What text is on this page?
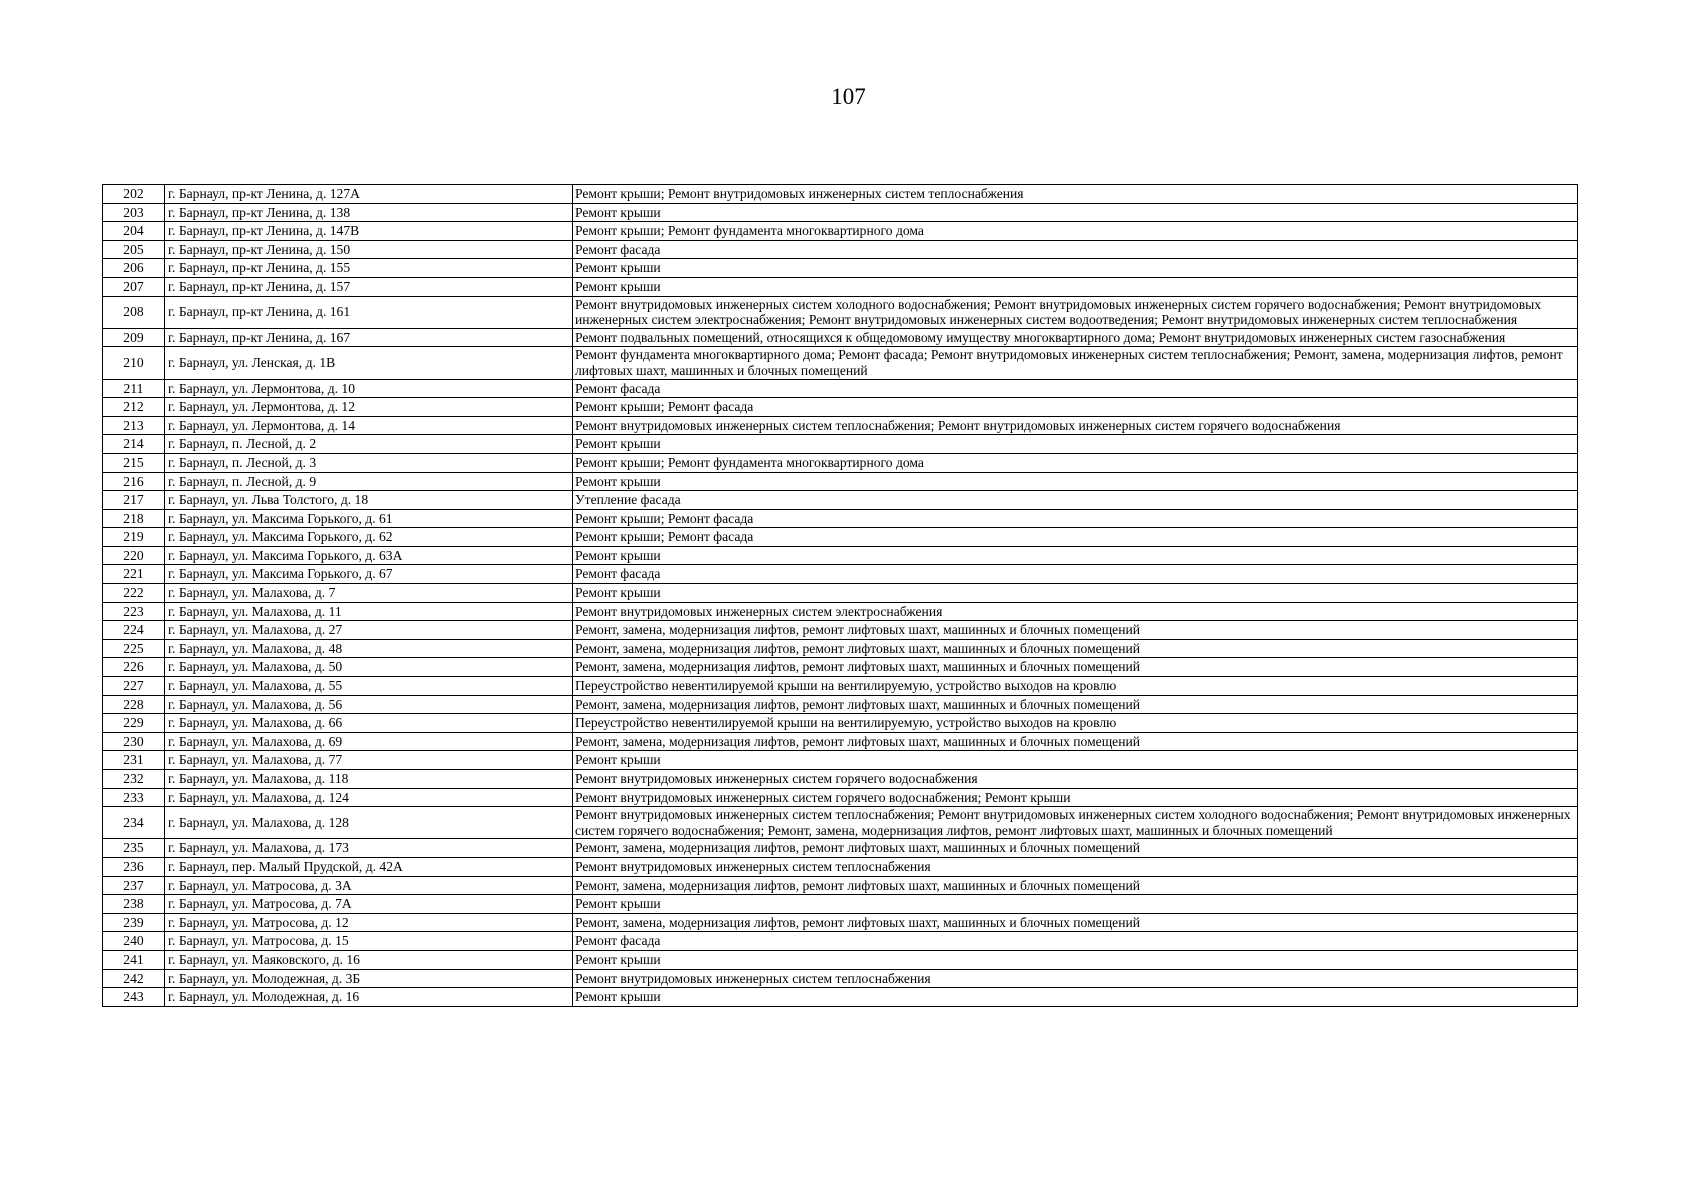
107
202	г. Барнаул, пр-кт Ленина, д. 127А	Ремонт крыши; Ремонт внутридомовых инженерных систем теплоснабжения
203	г. Барнаул, пр-кт Ленина, д. 138	Ремонт крыши
204	г. Барнаул, пр-кт Ленина, д. 147В	Ремонт крыши; Ремонт фундамента многоквартирного дома
205	г. Барнаул, пр-кт Ленина, д. 150	Ремонт фасада
206	г. Барнаул, пр-кт Ленина, д. 155	Ремонт крыши
207	г. Барнаул, пр-кт Ленина, д. 157	Ремонт крыши
208	г. Барнаул, пр-кт Ленина, д. 161	Ремонт внутридомовых инженерных систем холодного водоснабжения; Ремонт внутридомовых инженерных систем горячего водоснабжения; Ремонт внутридомовых инженерных систем электроснабжения; Ремонт внутридомовых инженерных систем водоотведения; Ремонт внутридомовых инженерных систем теплоснабжения
209	г. Барнаул, пр-кт Ленина, д. 167	Ремонт подвальных помещений, относящихся к общедомовому имуществу многоквартирного дома; Ремонт внутридомовых инженерных систем газоснабжения
210	г. Барнаул, ул. Ленская, д. 1В	Ремонт фундамента многоквартирного дома; Ремонт фасада; Ремонт внутридомовых инженерных систем теплоснабжения; Ремонт, замена, модернизация лифтов, ремонт лифтовых шахт, машинных и блочных помещений
211	г. Барнаул, ул. Лермонтова, д. 10	Ремонт фасада
212	г. Барнаул, ул. Лермонтова, д. 12	Ремонт крыши; Ремонт фасада
213	г. Барнаул, ул. Лермонтова, д. 14	Ремонт внутридомовых инженерных систем теплоснабжения; Ремонт внутридомовых инженерных систем горячего водоснабжения
214	г. Барнаул, п. Лесной, д. 2	Ремонт крыши
215	г. Барнаул, п. Лесной, д. 3	Ремонт крыши; Ремонт фундамента многоквартирного дома
216	г. Барнаул, п. Лесной, д. 9	Ремонт крыши
217	г. Барнаул, ул. Льва Толстого, д. 18	Утепление фасада
218	г. Барнаул, ул. Максима Горького, д. 61	Ремонт крыши; Ремонт фасада
219	г. Барнаул, ул. Максима Горького, д. 62	Ремонт крыши; Ремонт фасада
220	г. Барнаул, ул. Максима Горького, д. 63А	Ремонт крыши
221	г. Барнаул, ул. Максима Горького, д. 67	Ремонт фасада
222	г. Барнаул, ул. Малахова, д. 7	Ремонт крыши
223	г. Барнаул, ул. Малахова, д. 11	Ремонт внутридомовых инженерных систем электроснабжения
224	г. Барнаул, ул. Малахова, д. 27	Ремонт, замена, модернизация лифтов, ремонт лифтовых шахт, машинных и блочных помещений
225	г. Барнаул, ул. Малахова, д. 48	Ремонт, замена, модернизация лифтов, ремонт лифтовых шахт, машинных и блочных помещений
226	г. Барнаул, ул. Малахова, д. 50	Ремонт, замена, модернизация лифтов, ремонт лифтовых шахт, машинных и блочных помещений
227	г. Барнаул, ул. Малахова, д. 55	Переустройство невентилируемой крыши на вентилируемую, устройство выходов на кровлю
228	г. Барнаул, ул. Малахова, д. 56	Ремонт, замена, модернизация лифтов, ремонт лифтовых шахт, машинных и блочных помещений
229	г. Барнаул, ул. Малахова, д. 66	Переустройство невентилируемой крыши на вентилируемую, устройство выходов на кровлю
230	г. Барнаул, ул. Малахова, д. 69	Ремонт, замена, модернизация лифтов, ремонт лифтовых шахт, машинных и блочных помещений
231	г. Барнаул, ул. Малахова, д. 77	Ремонт крыши
232	г. Барнаул, ул. Малахова, д. 118	Ремонт внутридомовых инженерных систем горячего водоснабжения
233	г. Барнаул, ул. Малахова, д. 124	Ремонт внутридомовых инженерных систем горячего водоснабжения; Ремонт крыши
234	г. Барнаул, ул. Малахова, д. 128	Ремонт внутридомовых инженерных систем теплоснабжения; Ремонт внутридомовых инженерных систем холодного водоснабжения; Ремонт внутридомовых инженерных систем горячего водоснабжения; Ремонт, замена, модернизация лифтов, ремонт лифтовых шахт, машинных и блочных помещений
235	г. Барнаул, ул. Малахова, д. 173	Ремонт, замена, модернизация лифтов, ремонт лифтовых шахт, машинных и блочных помещений
236	г. Барнаул, пер. Малый Прудской, д. 42А	Ремонт внутридомовых инженерных систем теплоснабжения
237	г. Барнаул, ул. Матросова, д. 3А	Ремонт, замена, модернизация лифтов, ремонт лифтовых шахт, машинных и блочных помещений
238	г. Барнаул, ул. Матросова, д. 7А	Ремонт крыши
239	г. Барнаул, ул. Матросова, д. 12	Ремонт, замена, модернизация лифтов, ремонт лифтовых шахт, машинных и блочных помещений
240	г. Барнаул, ул. Матросова, д. 15	Ремонт фасада
241	г. Барнаул, ул. Маяковского, д. 16	Ремонт крыши
242	г. Барнаул, ул. Молодежная, д. 3Б	Ремонт внутридомовых инженерных систем теплоснабжения
243	г. Барнаул, ул. Молодежная, д. 16	Ремонт крыши
